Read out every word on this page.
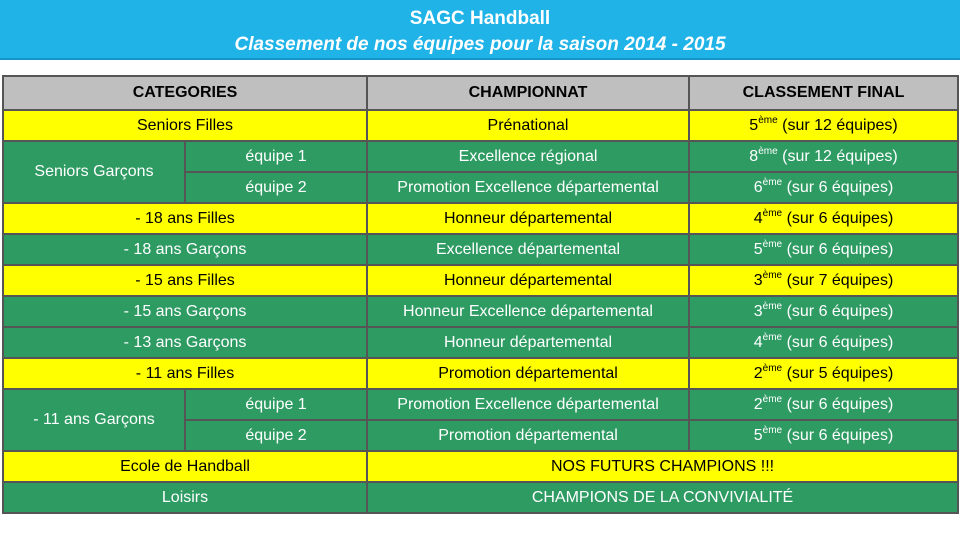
SAGC Handball
Classement de nos équipes pour la saison 2014 - 2015
CATEGORIES		CHAMPIONNAT	CLASSEMENT FINAL
Seniors Filles		Prénational	5ème (sur 12 équipes)
Seniors Garçons	équipe 1	Excellence régional	8ème (sur 12 équipes)
	équipe 2	Promotion Excellence départemental	6ème (sur 6 équipes)
- 18 ans Filles		Honneur départemental	4ème (sur 6 équipes)
- 18 ans Garçons		Excellence départemental	5ème (sur 6 équipes)
- 15 ans Filles		Honneur départemental	3ème (sur 7 équipes)
- 15 ans Garçons		Honneur Excellence départemental	3ème (sur 6 équipes)
- 13 ans Garçons		Honneur départemental	4ème (sur 6 équipes)
- 11 ans Filles		Promotion départemental	2ème (sur 5 équipes)
- 11 ans Garçons	équipe 1	Promotion Excellence départemental	2ème (sur 6 équipes)
	équipe 2	Promotion départemental	5ème (sur 6 équipes)
Ecole de Handball		NOS FUTURS CHAMPIONS !!!	
Loisirs		CHAMPIONS DE LA CONVIVIALITÉ	
